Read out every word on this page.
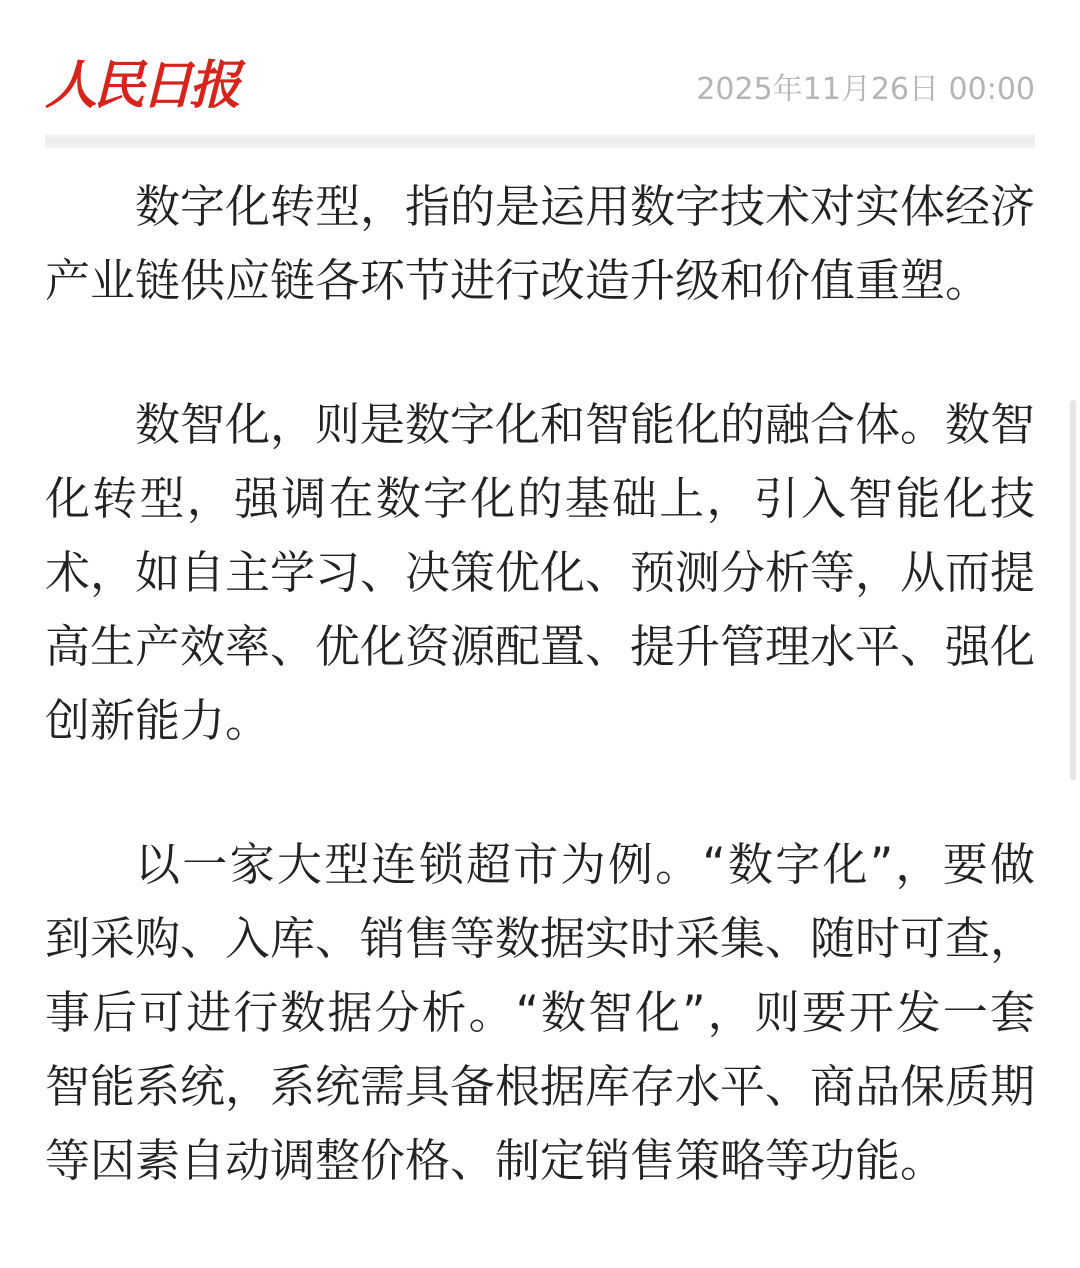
人民日报	2025年11月26日 00:00

数字化转型，指的是运用数字技术对实体经济产业链供应链各环节进行改造升级和价值重塑。

数智化，则是数字化和智能化的融合体。数智化转型，强调在数字化的基础上，引入智能化技术，如自主学习、决策优化、预测分析等，从而提高生产效率、优化资源配置、提升管理水平、强化创新能力。

以一家大型连锁超市为例。“数字化”，要做到采购、入库、销售等数据实时采集、随时可查，事后可进行数据分析。“数智化”，则要开发一套智能系统，系统需具备根据库存水平、商品保质期等因素自动调整价格、制定销售策略等功能。
